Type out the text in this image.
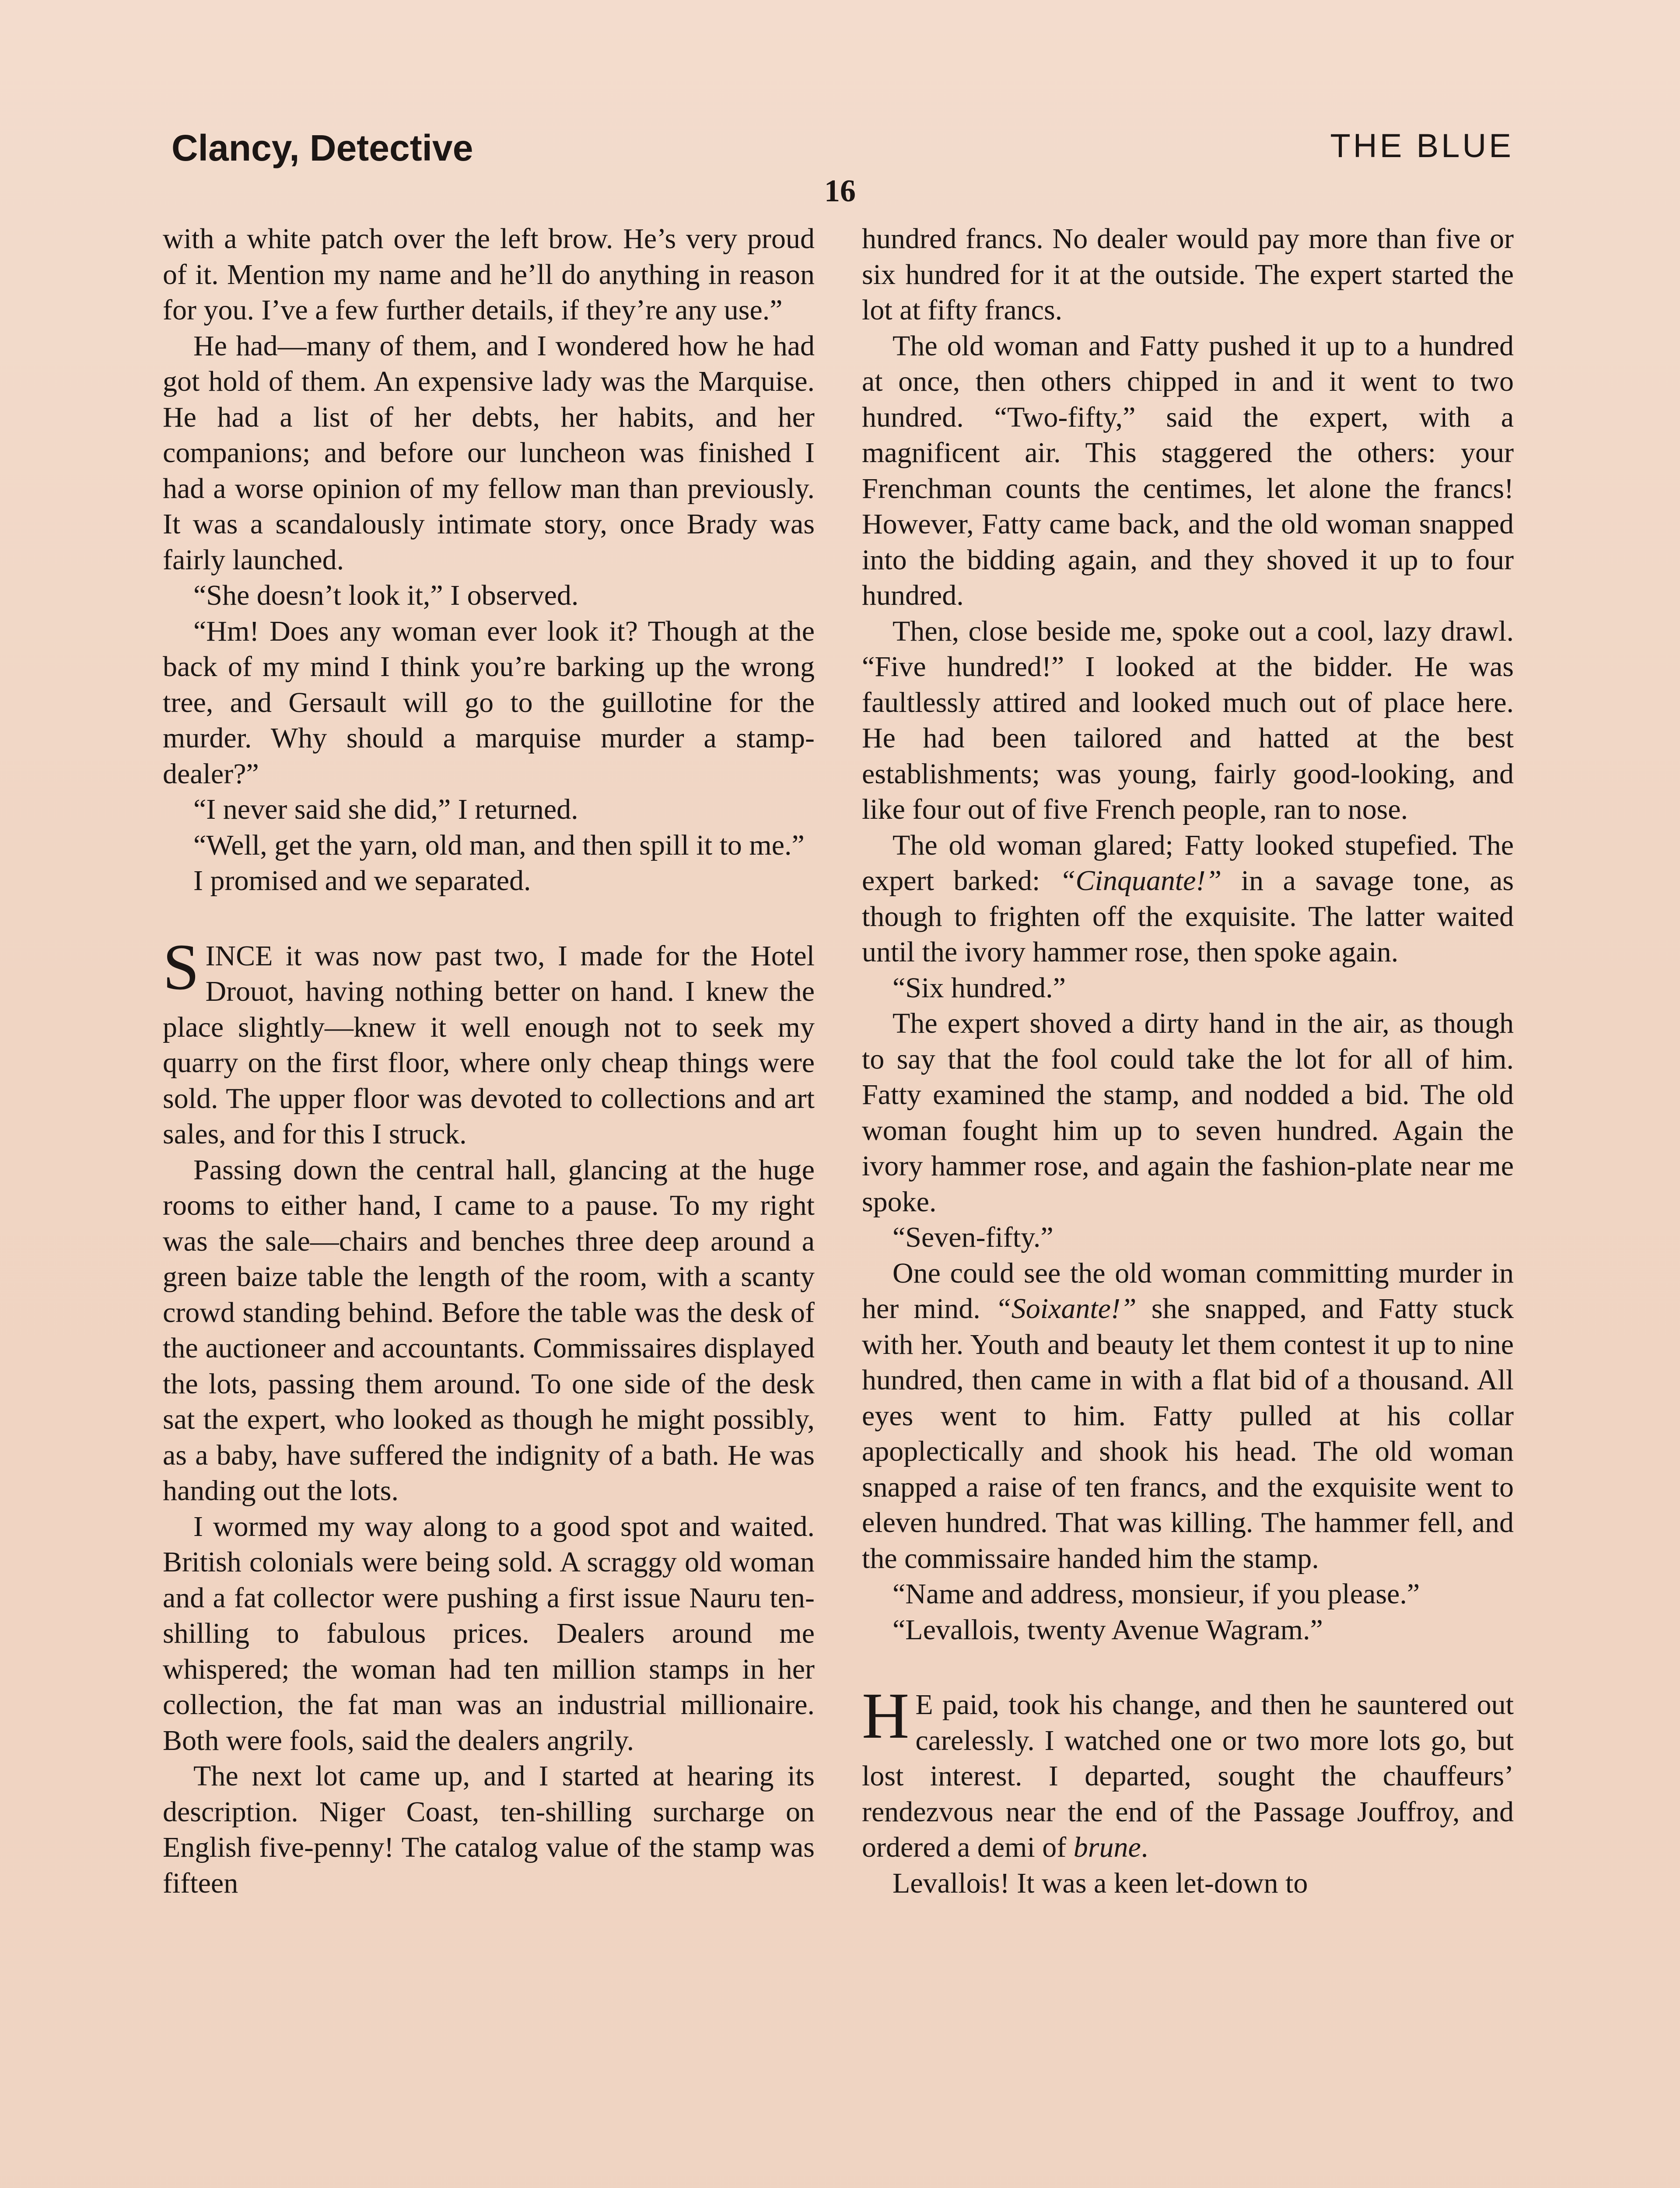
Clancy, Detective	THE BLUE
16

with a white patch over the left brow. He’s very proud of it. Mention my name and he’ll do anything in reason for you. I’ve a few further details, if they’re any use.”

He had—many of them, and I wondered how he had got hold of them. An expensive lady was the Marquise. He had a list of her debts, her habits, and her companions; and before our luncheon was finished I had a worse opinion of my fellow man than previously. It was a scandalously intimate story, once Brady was fairly launched.

“She doesn’t look it,” I observed.

“Hm! Does any woman ever look it? Though at the back of my mind I think you’re barking up the wrong tree, and Gersault will go to the guillotine for the murder. Why should a marquise murder a stamp-dealer?”

“I never said she did,” I returned.

“Well, get the yarn, old man, and then spill it to me.”

I promised and we separated.

SINCE it was now past two, I made for the Hotel Drouot, having nothing better on hand. I knew the place slightly—knew it well enough not to seek my quarry on the first floor, where only cheap things were sold. The upper floor was devoted to collections and art sales, and for this I struck.

Passing down the central hall, glancing at the huge rooms to either hand, I came to a pause. To my right was the sale—chairs and benches three deep around a green baize table the length of the room, with a scanty crowd standing behind. Before the table was the desk of the auctioneer and accountants. Commissaires displayed the lots, passing them around. To one side of the desk sat the expert, who looked as though he might possibly, as a baby, have suffered the indignity of a bath. He was handing out the lots.

I wormed my way along to a good spot and waited. British colonials were being sold. A scraggy old woman and a fat collector were pushing a first issue Nauru ten-shilling to fabulous prices. Dealers around me whispered; the woman had ten million stamps in her collection, the fat man was an industrial millionaire. Both were fools, said the dealers angrily.

The next lot came up, and I started at hearing its description. Niger Coast, ten-shilling surcharge on English five-penny! The catalog value of the stamp was fifteen

hundred francs. No dealer would pay more than five or six hundred for it at the outside. The expert started the lot at fifty francs.

The old woman and Fatty pushed it up to a hundred at once, then others chipped in and it went to two hundred. “Two-fifty,” said the expert, with a magnificent air. This staggered the others: your Frenchman counts the centimes, let alone the francs! However, Fatty came back, and the old woman snapped into the bidding again, and they shoved it up to four hundred.

Then, close beside me, spoke out a cool, lazy drawl. “Five hundred!” I looked at the bidder. He was faultlessly attired and looked much out of place here. He had been tailored and hatted at the best establishments; was young, fairly good-looking, and like four out of five French people, ran to nose.

The old woman glared; Fatty looked stupefied. The expert barked: “Cinquante!” in a savage tone, as though to frighten off the exquisite. The latter waited until the ivory hammer rose, then spoke again.

“Six hundred.”

The expert shoved a dirty hand in the air, as though to say that the fool could take the lot for all of him. Fatty examined the stamp, and nodded a bid. The old woman fought him up to seven hundred. Again the ivory hammer rose, and again the fashion-plate near me spoke.

“Seven-fifty.”

One could see the old woman committing murder in her mind. “Soixante!” she snapped, and Fatty stuck with her. Youth and beauty let them contest it up to nine hundred, then came in with a flat bid of a thousand. All eyes went to him. Fatty pulled at his collar apoplectically and shook his head. The old woman snapped a raise of ten francs, and the exquisite went to eleven hundred. That was killing. The hammer fell, and the commissaire handed him the stamp.

“Name and address, monsieur, if you please.”

“Levallois, twenty Avenue Wagram.”

H E paid, took his change, and then he sauntered out carelessly. I watched one or two more lots go, but lost interest. I departed, sought the chauffeurs’ rendezvous near the end of the Passage Jouffroy, and ordered a demi of brune.

Levallois! It was a keen let-down to
